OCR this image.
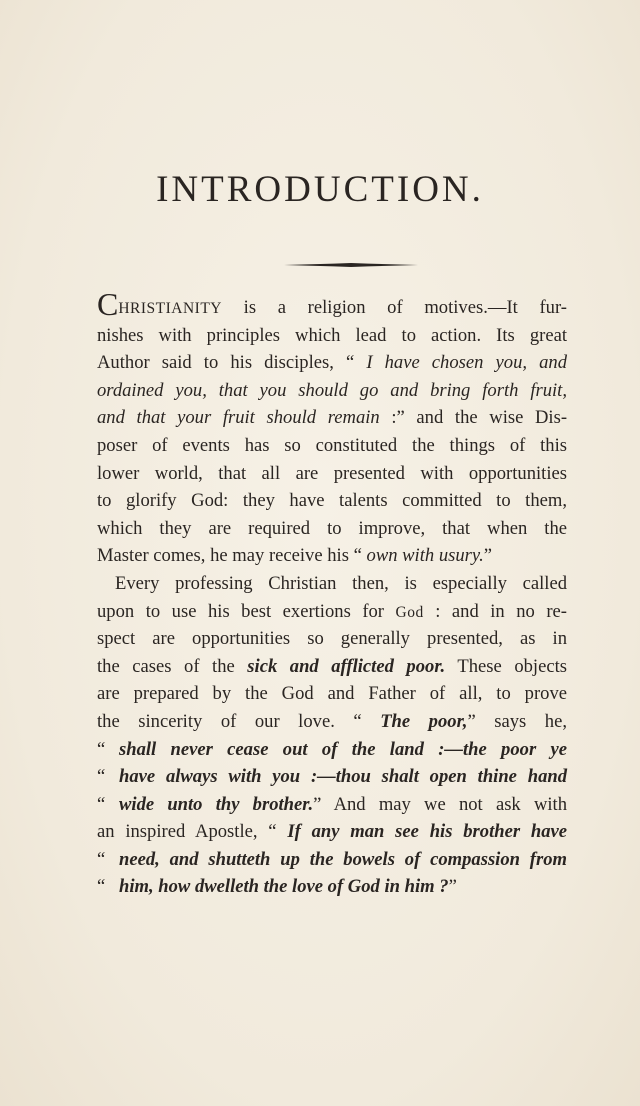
INTRODUCTION.
CHRISTIANITY is a religion of motives.—It fur-
nishes with principles which lead to action. Its great
Author said to his disciples, “ I have chosen you, and
ordained you, that you should go and bring forth fruit,
and that your fruit should remain :” and the wise Dis-
poser of events has so constituted the things of this
lower world, that all are presented with opportunities
to glorify God: they have talents committed to them,
which they are required to improve, that when the
Master comes, he may receive his “ own with usury.”
Every professing Christian then, is especially called
upon to use his best exertions for God : and in no re-
spect are opportunities so generally presented, as in
the cases of the sick and afflicted poor. These objects
are prepared by the God and Father of all, to prove
the sincerity of our love. “ The poor,” says he,
“ shall never cease out of the land :—the poor ye
“ have always with you :—thou shalt open thine hand
“ wide unto thy brother.” And may we not ask with
an inspired Apostle, “ If any man see his brother have
“ need, and shutteth up the bowels of compassion from
“ him, how dwelleth the love of God in him ?”
